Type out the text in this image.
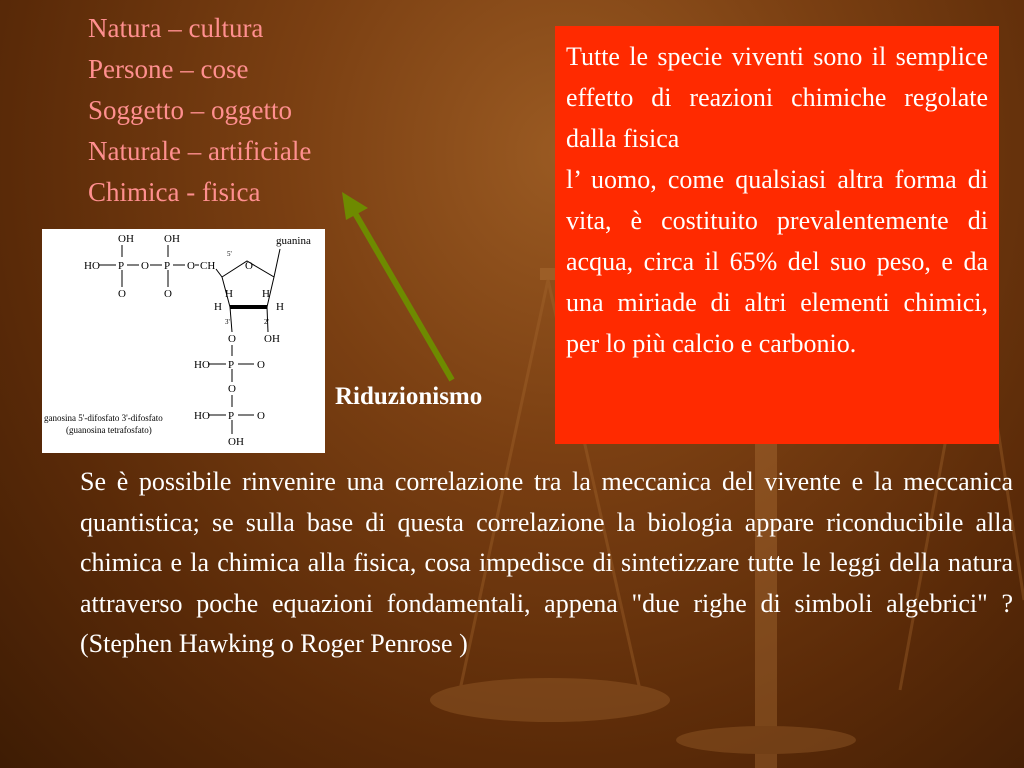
Natura – cultura
Persone – cose
Soggetto – oggetto
Naturale – artificiale
Chimica - fisica

Tutte le specie viventi sono il semplice effetto di reazioni chimiche regolate dalla fisica

l’ uomo, come qualsiasi altra forma di vita, è costituito prevalentemente di acqua, circa il 65% del suo peso, e da una miriade di altri elementi chimici, per lo più calcio e carbonio.

guanina
OH	OH
HO P O P O CH
5'
O	O
O
H	H
H	H
3'	2'
O	OH
HO P O
O
HO P O
OH
ganosina 5'-difosfato 3'-difosfato
(guanosina tetrafosfato)
Riduzionismo

Se è possibile rinvenire una correlazione tra la meccanica del vivente e la meccanica quantistica; se sulla base di questa correlazione la biologia appare riconducibile alla chimica e la chimica alla fisica, cosa impedisce di sintetizzare tutte le leggi della natura attraverso poche equazioni fondamentali, appena "due righe di simboli algebrici" ? (Stephen Hawking o Roger Penrose )
